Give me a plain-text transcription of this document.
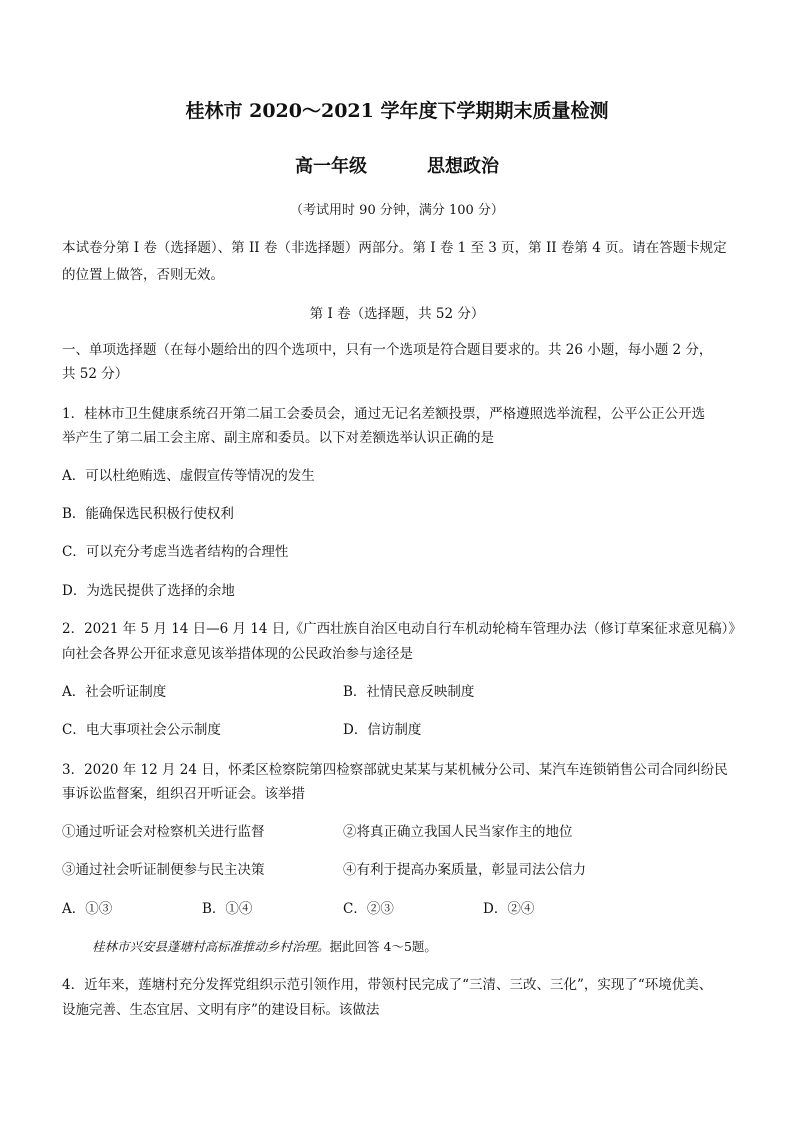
桂林市 2020～2021 学年度下学期期末质量检测
高一年级	思想政治
（考试用时 90 分钟，满分 100 分）
本试卷分第 I 卷（选择题）、第 II 卷（非选择题）两部分。第 I 卷 1 至 3 页，第 II 卷第 4 页。请在答题卡规定
的位置上做答，否则无效。
第 I 卷（选择题，共 52 分）
一、单项选择题（在每小题给出的四个选项中，只有一个选项是符合题目要求的。共 26 小题，每小题 2 分，
共 52 分）
1．桂林市卫生健康系统召开第二届工会委员会，通过无记名差额投票，严格遵照选举流程，公平公正公开选
举产生了第二届工会主席、副主席和委员。以下对差额选举认识正确的是
A．可以杜绝贿选、虚假宣传等情况的发生
B．能确保选民积极行使权利
C．可以充分考虑当选者结构的合理性
D．为选民提供了选择的余地
2．2021 年 5 月 14 日—6 月 14 日,《广西壮族自治区电动自行车机动轮椅车管理办法（修订草案征求意见稿）》
向社会各界公开征求意见该举措体现的公民政治参与途径是
A．社会听证制度	B．社情民意反映制度
C．电大事项社会公示制度	D．信访制度
3．2020 年 12 月 24 日，怀柔区检察院第四检察部就史某某与某机械分公司、某汽车连锁销售公司合同纠纷民
事诉讼监督案，组织召开听证会。该举措
①通过听证会对检察机关进行监督	②将真正确立我国人民当家作主的地位
③通过社会听证制便参与民主决策	④有利于提高办案质量，彰显司法公信力
A．①③	B．①④	C．②③	D．②④
桂林市兴安县蓬塘村高标准推动乡村治理。据此回答 4～5题。
4．近年来，莲塘村充分发挥党组织示范引领作用，带领村民完成了“三清、三改、三化”，实现了“环境优美、
设施完善、生态宜居、文明有序”的建设目标。该做法
